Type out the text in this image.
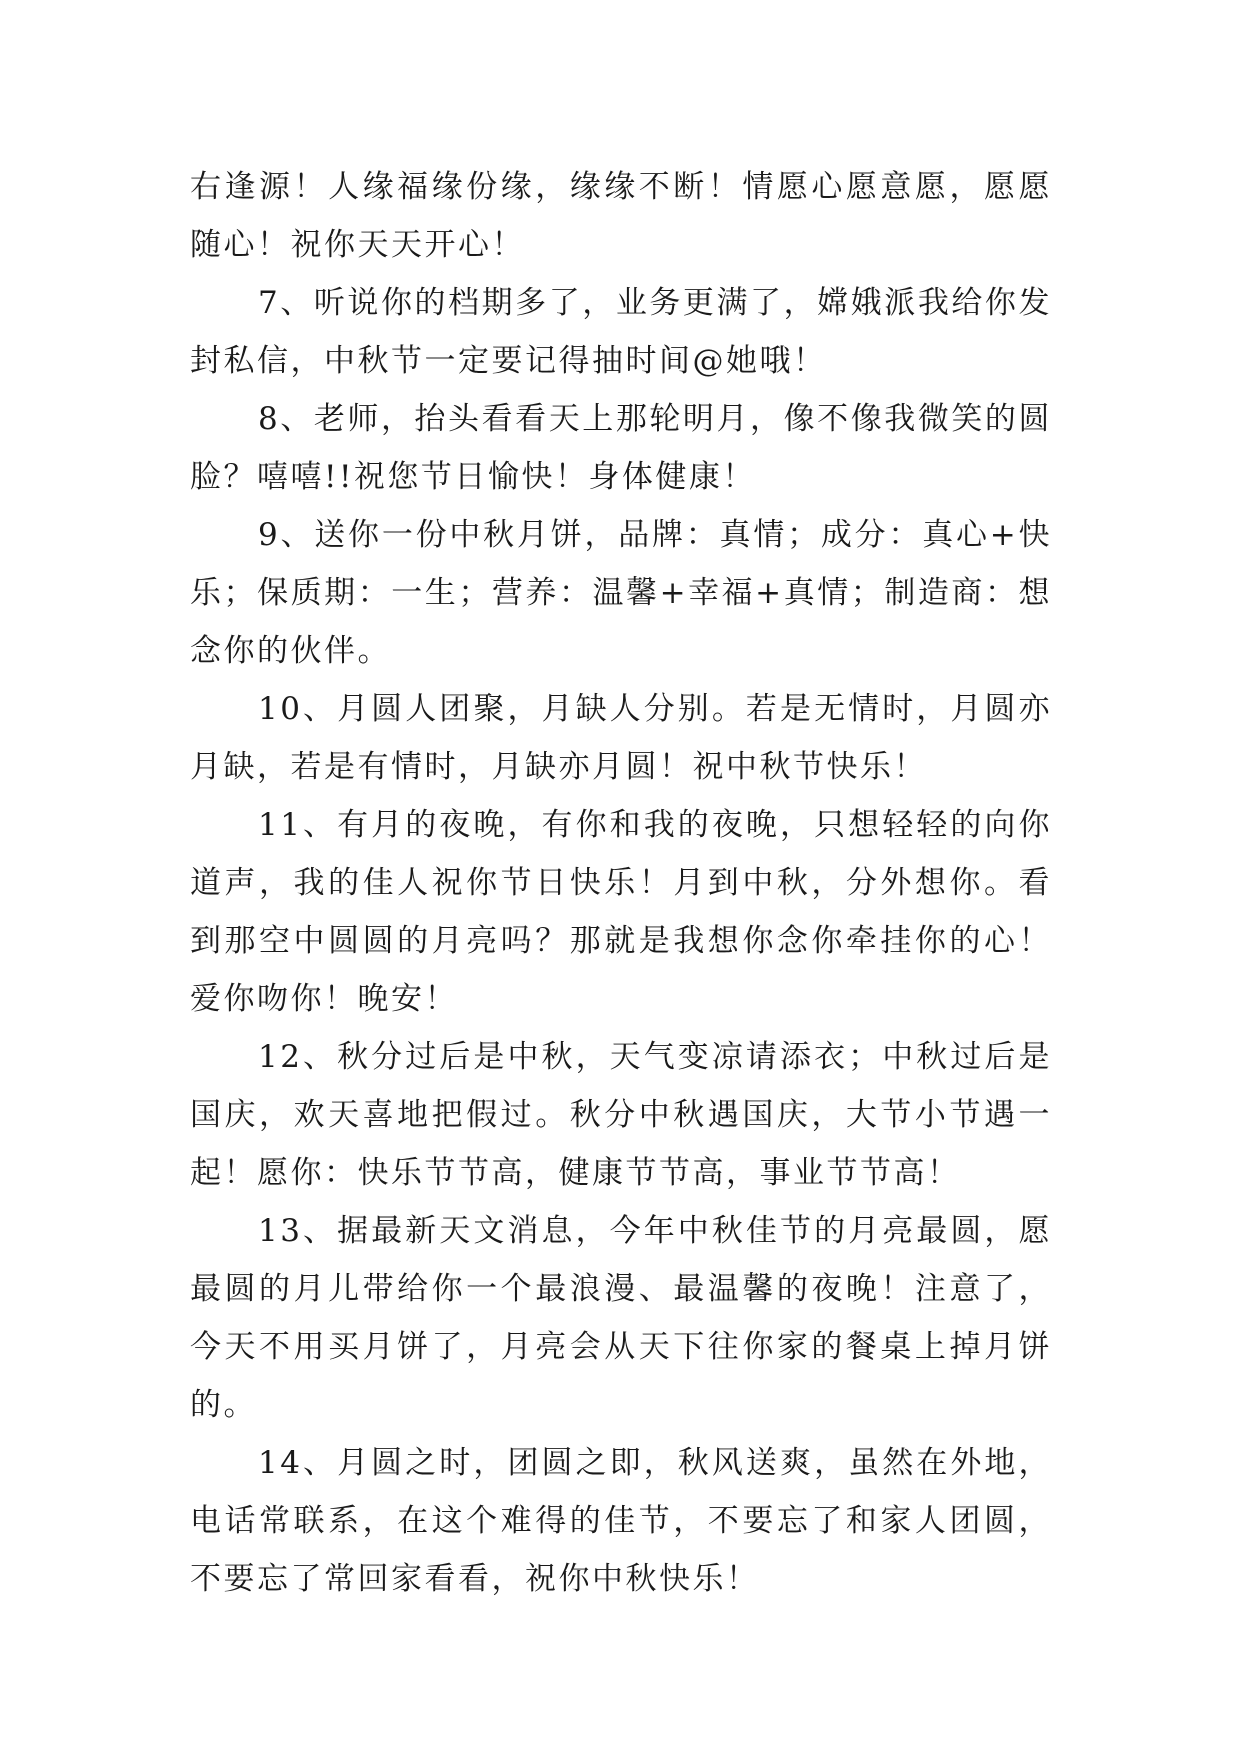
右逢源！人缘福缘份缘，缘缘不断！情愿心愿意愿，愿愿随心！祝你天天开心！

7、听说你的档期多了，业务更满了，嫦娥派我给你发封私信，中秋节一定要记得抽时间@她哦！

8、老师，抬头看看天上那轮明月，像不像我微笑的圆脸？嘻嘻!!祝您节日愉快！身体健康！

9、送你一份中秋月饼，品牌：真情；成分：真心+快乐；保质期：一生；营养：温馨+幸福+真情；制造商：想念你的伙伴。

10、月圆人团聚，月缺人分别。若是无情时，月圆亦月缺，若是有情时，月缺亦月圆！祝中秋节快乐！

11、有月的夜晚，有你和我的夜晚，只想轻轻的向你道声，我的佳人祝你节日快乐！月到中秋，分外想你。看到那空中圆圆的月亮吗？那就是我想你念你牵挂你的心！爱你吻你！晚安！

12、秋分过后是中秋，天气变凉请添衣；中秋过后是国庆，欢天喜地把假过。秋分中秋遇国庆，大节小节遇一起！愿你：快乐节节高，健康节节高，事业节节高！

13、据最新天文消息，今年中秋佳节的月亮最圆，愿最圆的月儿带给你一个最浪漫、最温馨的夜晚！注意了，今天不用买月饼了，月亮会从天下往你家的餐桌上掉月饼的。

14、月圆之时，团圆之即，秋风送爽，虽然在外地，电话常联系，在这个难得的佳节，不要忘了和家人团圆，不要忘了常回家看看，祝你中秋快乐！
